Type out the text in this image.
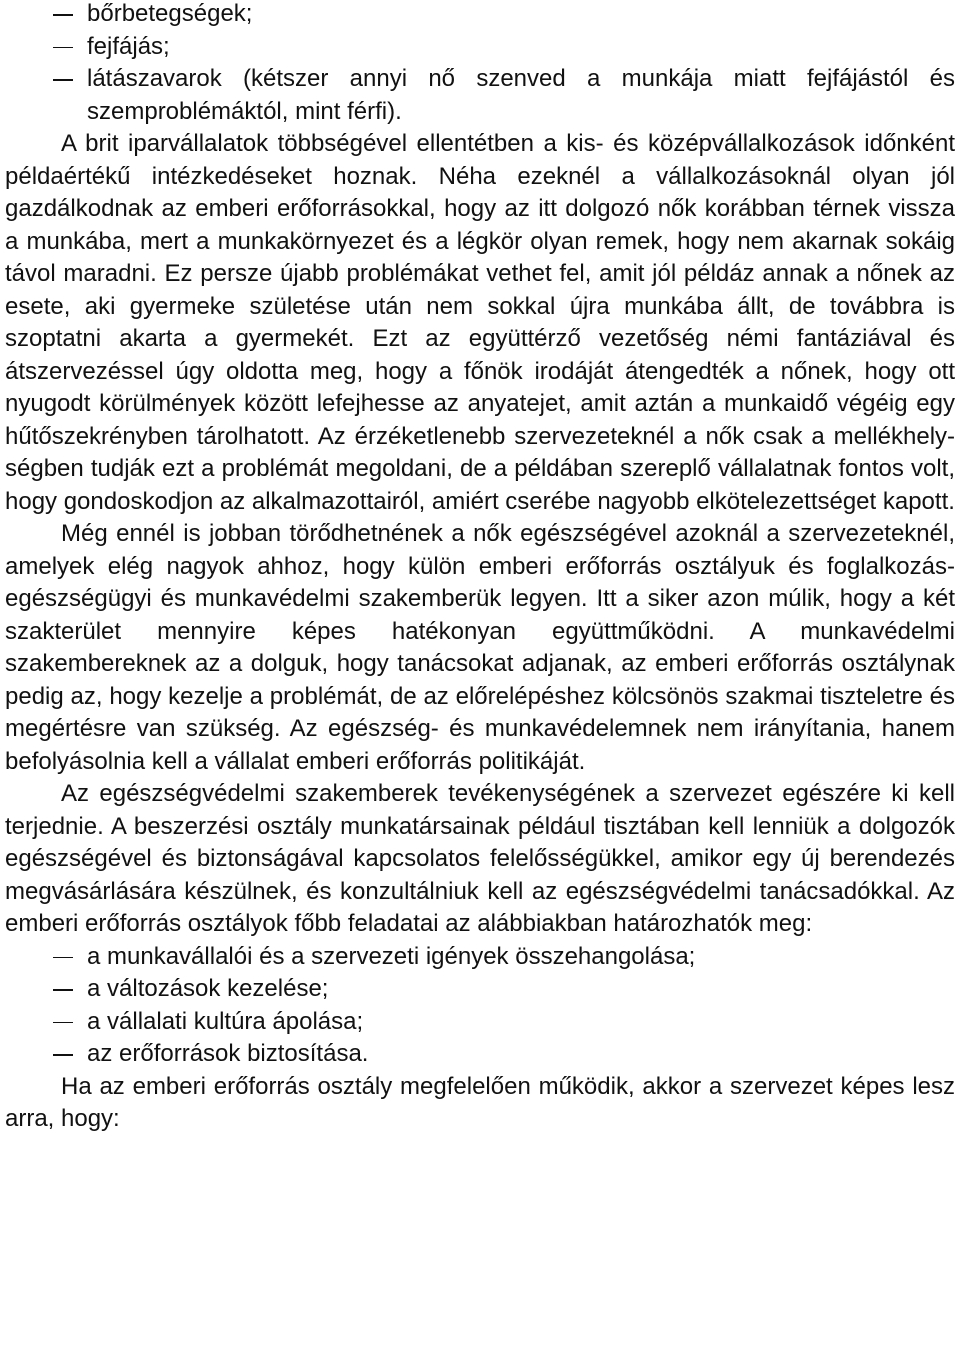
bőrbetegségek;
fejfájás;
látászavarok (kétszer annyi nő szenved a munkája miatt fejfájástól és szemproblémáktól, mint férfi).

A brit iparvállalatok többségével ellentétben a kis- és középvállalkozások időnként példaértékű intézkedéseket hoznak. Néha ezeknél a vállalkozásoknál olyan jól gazdálkodnak az emberi erőforrásokkal, hogy az itt dolgozó nők korábban térnek vissza a munkába, mert a munkakörnyezet és a légkör olyan remek, hogy nem akarnak sokáig távol maradni. Ez persze újabb problémákat vethet fel, amit jól példáz annak a nőnek az esete, aki gyermeke születése után nem sokkal újra munkába állt, de továbbra is szoptatni akarta a gyermekét. Ezt az együttérző vezetőség némi fantáziával és átszervezéssel úgy oldotta meg, hogy a főnök irodáját átengedték a nőnek, hogy ott nyugodt körülmények között lefejhesse az anyatejet, amit aztán a munkaidő végéig egy hűtőszekrényben tárolhatott. Az érzéketlenebb szervezeteknél a nők csak a mellékhelységben tudják ezt a problémát megoldani, de a példában szereplő vállalatnak fontos volt, hogy gondoskodjon az alkalmazottairól, amiért cserébe nagyobb elkötelezettséget kapott.

Még ennél is jobban törődhetnének a nők egészségével azoknál a szervezeteknél, amelyek elég nagyok ahhoz, hogy külön emberi erőforrás osztályuk és foglalkozás-egészségügyi és munkavédelmi szakemberük legyen. Itt a siker azon múlik, hogy a két szakterület mennyire képes hatékonyan együttműködni. A munkavédelmi szakembereknek az a dolguk, hogy tanácsokat adjanak, az emberi erőforrás osztálynak pedig az, hogy kezelje a problémát, de az előrelépéshez kölcsönös szakmai tiszteletre és megértésre van szükség. Az egészség- és munkavédelemnek nem irányítania, hanem befolyásolnia kell a vállalat emberi erőforrás politikáját.

Az egészségvédelmi szakemberek tevékenységének a szervezet egészére ki kell terjednie. A beszerzési osztály munkatársainak például tisztában kell lenniük a dolgozók egészségével és biztonságával kapcsolatos felelősségükkel, amikor egy új berendezés megvásárlására készülnek, és konzultálniuk kell az egészségvédelmi tanácsadókkal. Az emberi erőforrás osztályok főbb feladatai az alábbiakban határozhatók meg:

a munkavállalói és a szervezeti igények összehangolása;
a változások kezelése;
a vállalati kultúra ápolása;
az erőforrások biztosítása.

Ha az emberi erőforrás osztály megfelelően működik, akkor a szervezet képes lesz arra, hogy:
